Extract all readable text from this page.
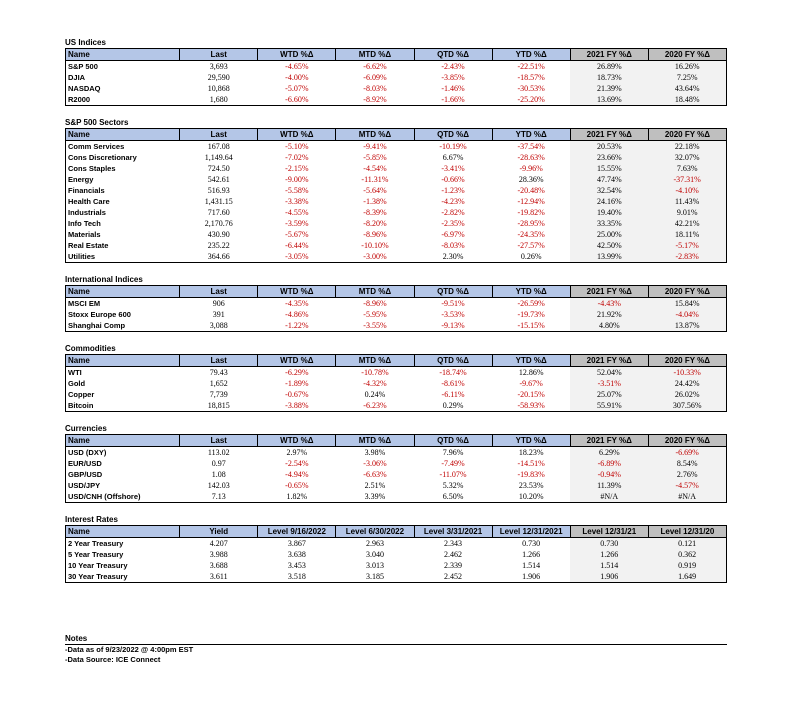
US Indices
Name	Last	WTD %Δ	MTD %Δ	QTD %Δ	YTD %Δ	2021 FY %Δ	2020 FY %Δ
S&P 500	3,693	-4.65%	-6.62%	-2.43%	-22.51%	26.89%	16.26%
DJIA	29,590	-4.00%	-6.09%	-3.85%	-18.57%	18.73%	7.25%
NASDAQ	10,868	-5.07%	-8.03%	-1.46%	-30.53%	21.39%	43.64%
R2000	1,680	-6.60%	-8.92%	-1.66%	-25.20%	13.69%	18.48%
S&P 500 Sectors
Name	Last	WTD %Δ	MTD %Δ	QTD %Δ	YTD %Δ	2021 FY %Δ	2020 FY %Δ
Comm Services	167.08	-5.10%	-9.41%	-10.19%	-37.54%	20.53%	22.18%
Cons Discretionary	1,149.64	-7.02%	-5.85%	6.67%	-28.63%	23.66%	32.07%
Cons Staples	724.50	-2.15%	-4.54%	-3.41%	-9.96%	15.55%	7.63%
Energy	542.61	-9.00%	-11.31%	-0.66%	28.36%	47.74%	-37.31%
Financials	516.93	-5.58%	-5.64%	-1.23%	-20.48%	32.54%	-4.10%
Health Care	1,431.15	-3.38%	-1.38%	-4.23%	-12.94%	24.16%	11.43%
Industrials	717.60	-4.55%	-8.39%	-2.82%	-19.82%	19.40%	9.01%
Info Tech	2,170.76	-3.59%	-8.20%	-2.35%	-28.95%	33.35%	42.21%
Materials	430.90	-5.67%	-8.96%	-6.97%	-24.35%	25.00%	18.11%
Real Estate	235.22	-6.44%	-10.10%	-8.03%	-27.57%	42.50%	-5.17%
Utilities	364.66	-3.05%	-3.00%	2.30%	0.26%	13.99%	-2.83%
International Indices
Name	Last	WTD %Δ	MTD %Δ	QTD %Δ	YTD %Δ	2021 FY %Δ	2020 FY %Δ
MSCI EM	906	-4.35%	-8.96%	-9.51%	-26.59%	-4.43%	15.84%
Stoxx Europe 600	391	-4.86%	-5.95%	-3.53%	-19.73%	21.92%	-4.04%
Shanghai Comp	3,088	-1.22%	-3.55%	-9.13%	-15.15%	4.80%	13.87%
Commodities
Name	Last	WTD %Δ	MTD %Δ	QTD %Δ	YTD %Δ	2021 FY %Δ	2020 FY %Δ
WTI	79.43	-6.29%	-10.78%	-18.74%	12.86%	52.04%	-10.33%
Gold	1,652	-1.89%	-4.32%	-8.61%	-9.67%	-3.51%	24.42%
Copper	7,739	-0.67%	0.24%	-6.11%	-20.15%	25.07%	26.02%
Bitcoin	18,815	-3.88%	-6.23%	0.29%	-58.93%	55.91%	307.56%
Currencies
Name	Last	WTD %Δ	MTD %Δ	QTD %Δ	YTD %Δ	2021 FY %Δ	2020 FY %Δ
USD (DXY)	113.02	2.97%	3.98%	7.96%	18.23%	6.29%	-6.69%
EUR/USD	0.97	-2.54%	-3.06%	-7.49%	-14.51%	-6.89%	8.54%
GBP/USD	1.08	-4.94%	-6.63%	-11.07%	-19.83%	-0.94%	2.76%
USD/JPY	142.03	-0.65%	2.51%	5.32%	23.53%	11.39%	-4.57%
USD/CNH (Offshore)	7.13	1.82%	3.39%	6.50%	10.20%	#N/A	#N/A
Interest Rates
Name	Yield	Level 9/16/2022	Level 6/30/2022	Level 3/31/2021	Level 12/31/2021	Level 12/31/21	Level 12/31/20
2 Year Treasury	4.207	3.867	2.963	2.343	0.730	0.730	0.121
5 Year Treasury	3.988	3.638	3.040	2.462	1.266	1.266	0.362
10 Year Treasury	3.688	3.453	3.013	2.339	1.514	1.514	0.919
30 Year Treasury	3.611	3.518	3.185	2.452	1.906	1.906	1.649
Notes
-Data as of 9/23/2022 @ 4:00pm EST
-Data Source: ICE Connect
